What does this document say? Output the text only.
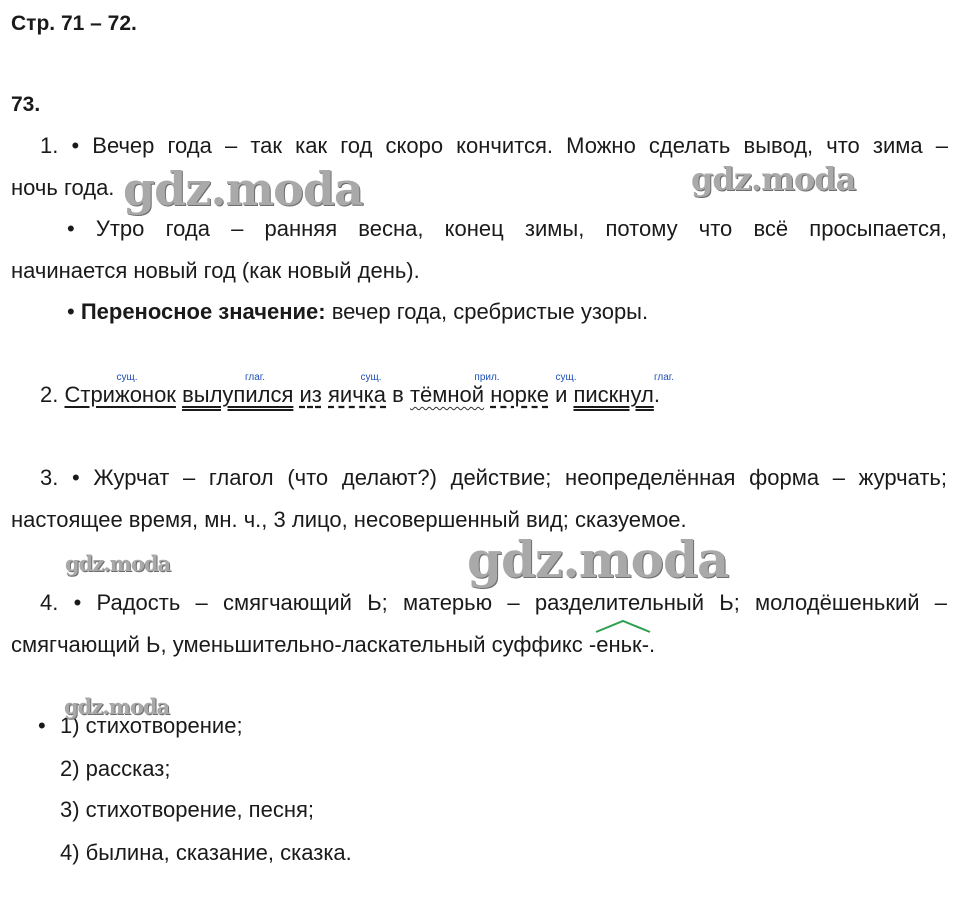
Стр. 71 – 72.
73.
1. • Вечер года – так как год скоро кончится. Можно сделать вывод, что зима –
ночь года.
• Утро года – ранняя весна, конец зимы, потому что всё просыпается,
начинается новый год (как новый день).
• Переносное значение: вечер года, сребристые узоры.
2. Стрижонок вылупился из яичка в тёмной норке и пискнул.
сущ.	глаг.	сущ.	прил.	сущ.	глаг.
3. • Журчат – глагол (что делают?) действие; неопределённая форма – журчать;
настоящее время, мн. ч., 3 лицо, несовершенный вид; сказуемое.
4. • Радость – смягчающий Ь; матерью – разделительный Ь; молодёшенький –
смягчающий Ь, уменьшительно-ласкательный суффикс -
еньк-.
• 1) стихотворение;
2) рассказ;
3) стихотворение, песня;
4) былина, сказание, сказка.
gdz.moda	gdz.moda
gdz.moda	gdz.moda
gdz.moda
